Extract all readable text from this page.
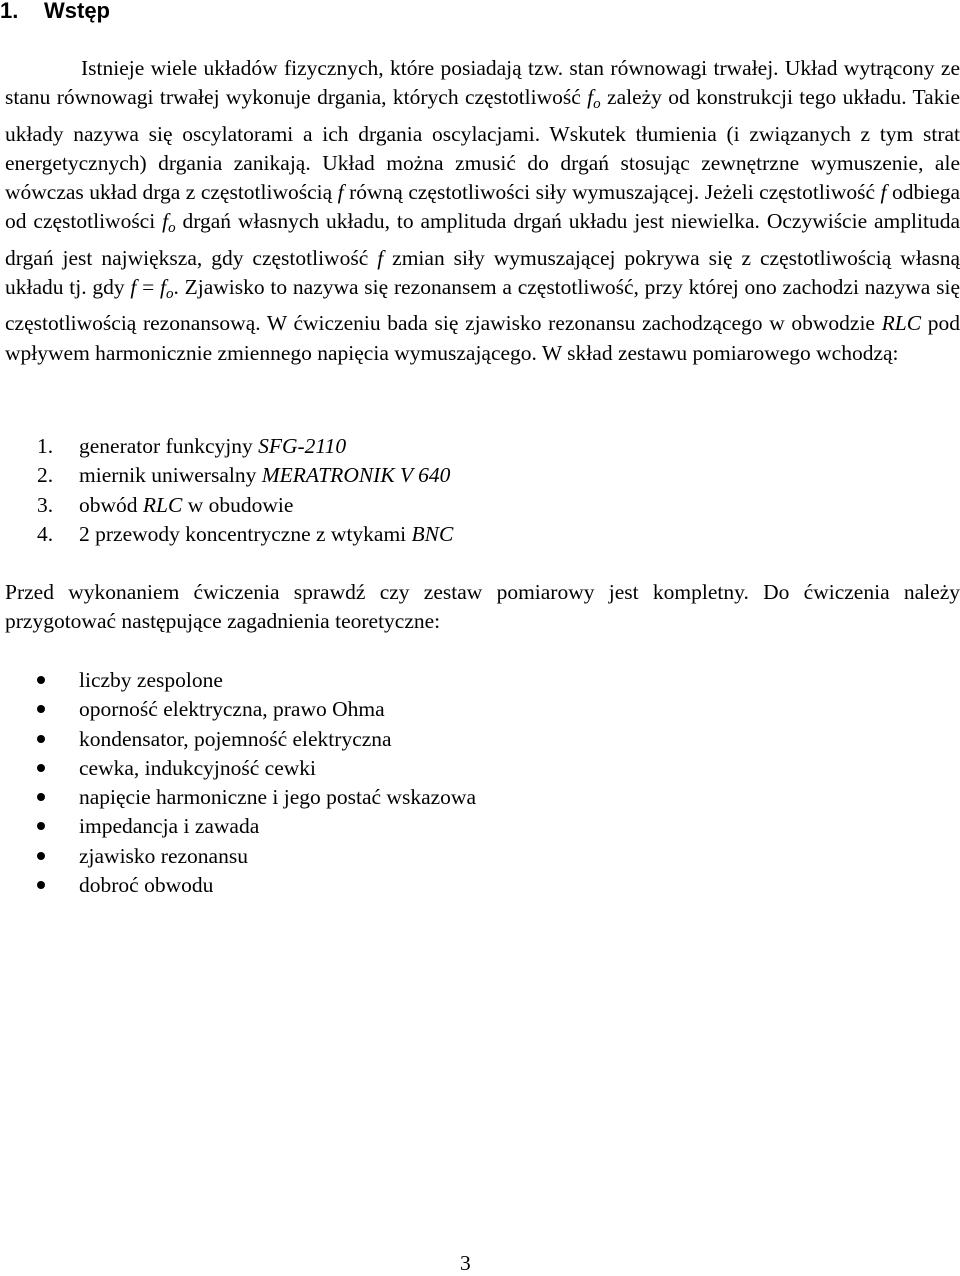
1. Wstęp

Istnieje wiele układów fizycznych, które posiadają tzw. stan równowagi trwałej. Układ wytrącony ze stanu równowagi trwałej wykonuje drgania, których częstotliwość $f_o$ zależy od konstrukcji tego układu. Takie układy nazywa się oscylatorami a ich drgania oscylacjami. Wskutek tłumienia (i związanych z tym strat energetycznych) drgania zanikają. Układ można zmusić do drgań stosując zewnętrzne wymuszenie, ale wówczas układ drga z częstotliwością f równą częstotliwości siły wymuszającej. Jeżeli częstotliwość f odbiega od częstotliwości $f_o$ drgań własnych układu, to amplituda drgań układu jest niewielka. Oczywiście amplituda drgań jest największa, gdy częstotliwość f zmian siły wymuszającej pokrywa się z częstotliwością własną układu tj. gdy $f = f_o$. Zjawisko to nazywa się rezonansem a częstotliwość, przy której ono zachodzi nazywa się częstotliwością rezonansową. W ćwiczeniu bada się zjawisko rezonansu zachodzącego w obwodzie RLC pod wpływem harmonicznie zmiennego napięcia wymuszającego. W skład zestawu pomiarowego wchodzą:

1. generator funkcyjny SFG-2110
2. miernik uniwersalny MERATRONIK V 640
3. obwód RLC w obudowie
4. 2 przewody koncentryczne z wtykami BNC

Przed wykonaniem ćwiczenia sprawdź czy zestaw pomiarowy jest kompletny. Do ćwiczenia należy przygotować następujące zagadnienia teoretyczne:

liczby zespolone
oporność elektryczna, prawo Ohma
kondensator, pojemność elektryczna
cewka, indukcyjność cewki
napięcie harmoniczne i jego postać wskazowa
impedancja i zawada
zjawisko rezonansu
dobroć obwodu
3
